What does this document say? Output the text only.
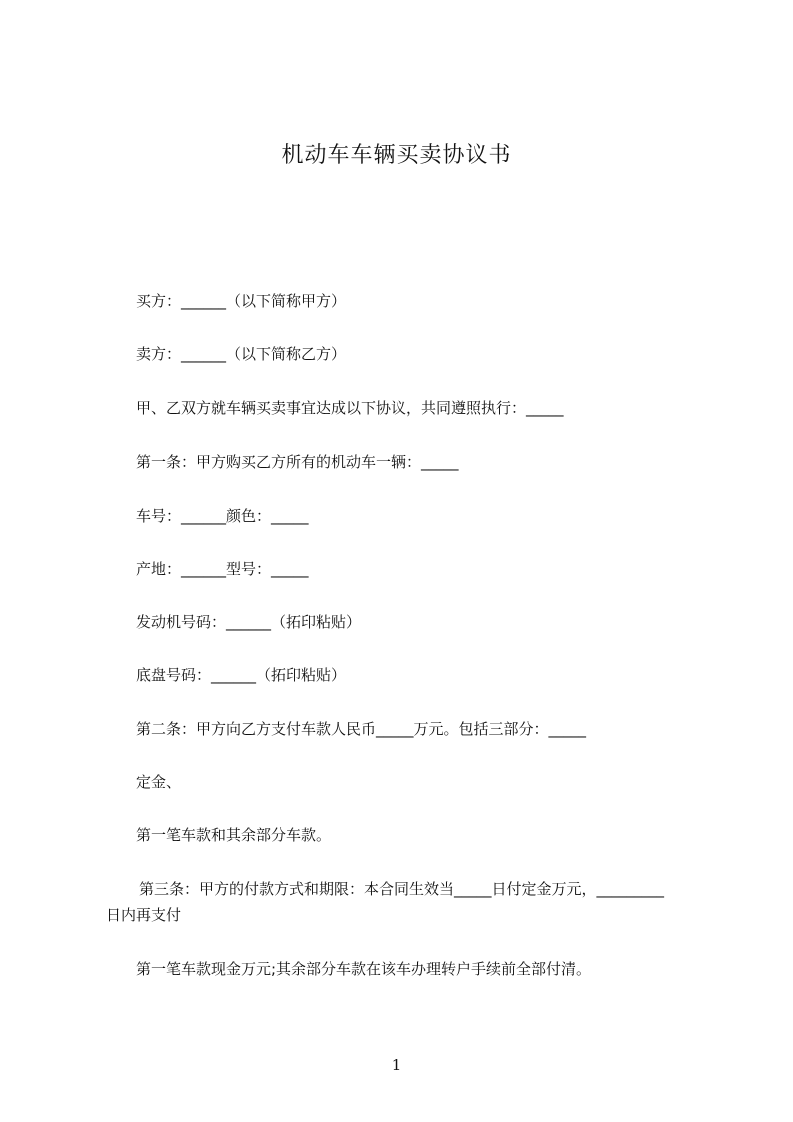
机动车车辆买卖协议书
买方：______（以下简称甲方）
卖方：______（以下简称乙方）
甲、乙双方就车辆买卖事宜达成以下协议，共同遵照执行：_____
第一条：甲方购买乙方所有的机动车一辆：_____
车号：______颜色：_____
产地：______型号：_____
发动机号码：______（拓印粘贴）
底盘号码：______（拓印粘贴）
第二条：甲方向乙方支付车款人民币_____万元。包括三部分：_____
定金、
第一笔车款和其余部分车款。
第三条：甲方的付款方式和期限：本合同生效当_____日付定金万元，_________
日内再支付
第一笔车款现金万元;其余部分车款在该车办理转户手续前全部付清。
1
